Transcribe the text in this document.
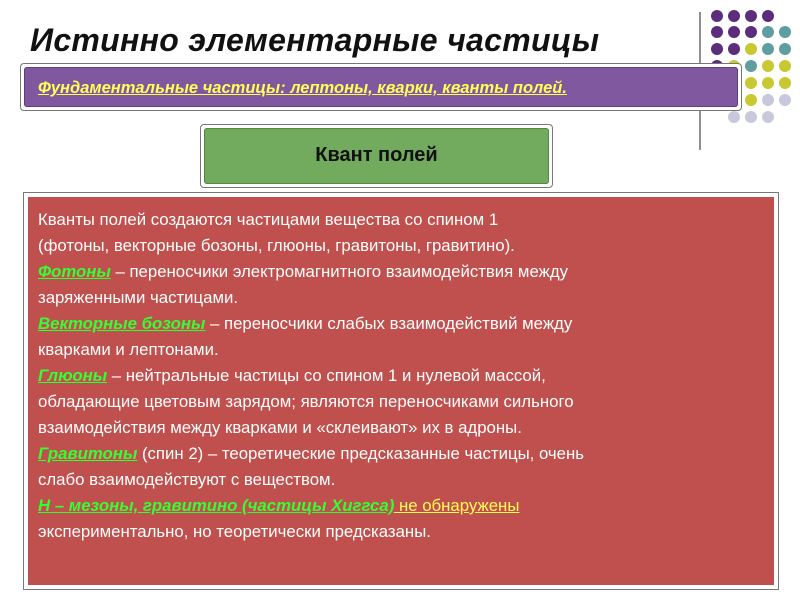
Истинно элементарные частицы
Фундаментальные частицы: лептоны, кварки, кванты полей.
Квант полей
Кванты полей создаются частицами вещества со спином 1
(фотоны, векторные бозоны, глюоны, гравитоны, гравитино).
Фотоны – переносчики электромагнитного взаимодействия между
заряженными частицами.
Векторные бозоны – переносчики слабых взаимодействий между
кварками и лептонами.
Глюоны – нейтральные частицы со спином 1 и нулевой массой,
обладающие цветовым зарядом; являются переносчиками сильного
взаимодействия между кварками и «склеивают» их в адроны.
Гравитоны (спин 2) – теоретические предсказанные частицы, очень
слабо взаимодействуют с веществом.
H – мезоны, гравитино (частицы Хиггса) не обнаружены
экспериментально, но теоретически предсказаны.
